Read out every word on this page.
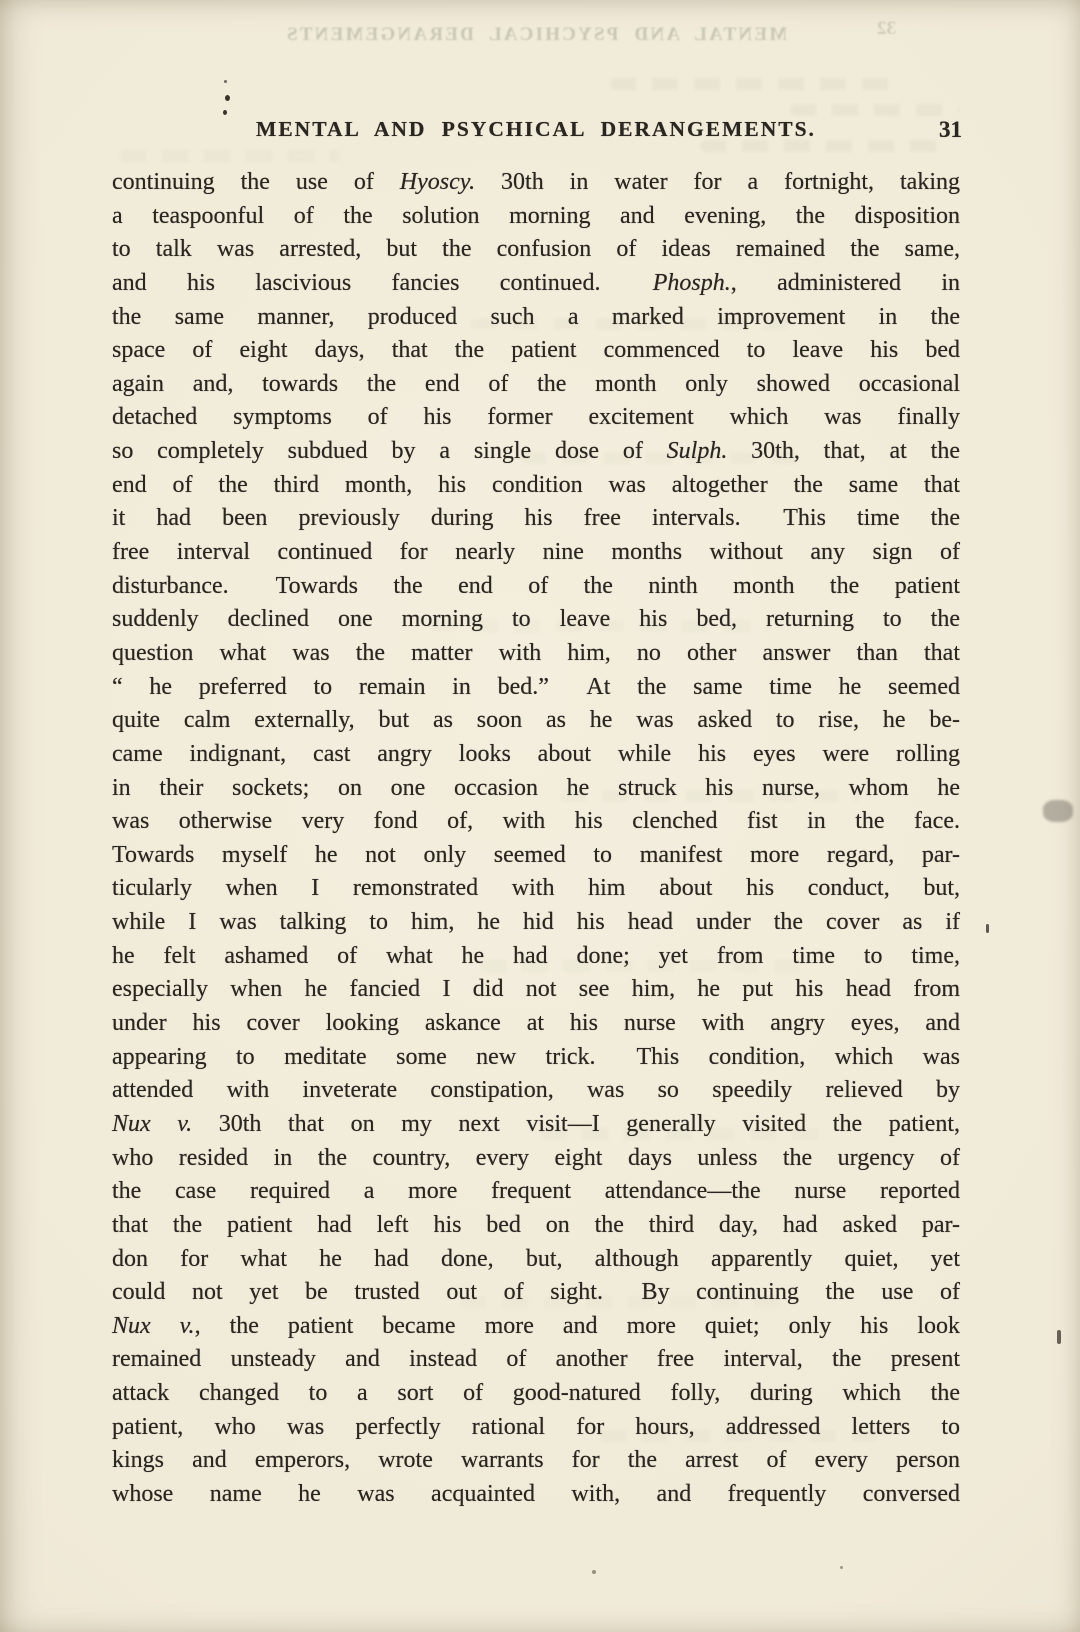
MENTAL AND PSYCHICAL DERANGEMENTS	32
MENTAL AND PSYCHICAL DERANGEMENTS.	31
continuing the use of Hyoscy. 30th in water for a fortnight, taking
a teaspoonful of the solution morning and evening, the disposition
to talk was arrested, but the confusion of ideas remained the same,
and his lascivious fancies continued.  Phosph., administered in
the same manner, produced such a marked improvement in the
space of eight days, that the patient commenced to leave his bed
again and, towards the end of the month only showed occasional
detached symptoms of his former excitement which was finally
so completely subdued by a single dose of Sulph. 30th, that, at the
end of the third month, his condition was altogether the same that
it had been previously during his free intervals.  This time the
free interval continued for nearly nine months without any sign of
disturbance.  Towards the end of the ninth month the patient
suddenly declined one morning to leave his bed, returning to the
question what was the matter with him, no other answer than that
“ he preferred to remain in bed.”  At the same time he seemed
quite calm externally, but as soon as he was asked to rise, he be-
came indignant, cast angry looks about while his eyes were rolling
in their sockets; on one occasion he struck his nurse, whom he
was otherwise very fond of, with his clenched fist in the face.
Towards myself he not only seemed to manifest more regard, par-
ticularly when I remonstrated with him about his conduct, but,
while I was talking to him, he hid his head under the cover as if
he felt ashamed of what he had done; yet from time to time,
especially when he fancied I did not see him, he put his head from
under his cover looking askance at his nurse with angry eyes, and
appearing to meditate some new trick.  This condition, which was
attended with inveterate constipation, was so speedily relieved by
Nux v. 30th that on my next visit—I generally visited the patient,
who resided in the country, every eight days unless the urgency of
the case required a more frequent attendance—the nurse reported
that the patient had left his bed on the third day, had asked par-
don for what he had done, but, although apparently quiet, yet
could not yet be trusted out of sight.  By continuing the use of
Nux v., the patient became more and more quiet; only his look
remained unsteady and instead of another free interval, the present
attack changed to a sort of good-natured folly, during which the
patient, who was perfectly rational for hours, addressed letters to
kings and emperors, wrote warrants for the arrest of every person
whose name he was acquainted with, and frequently conversed
